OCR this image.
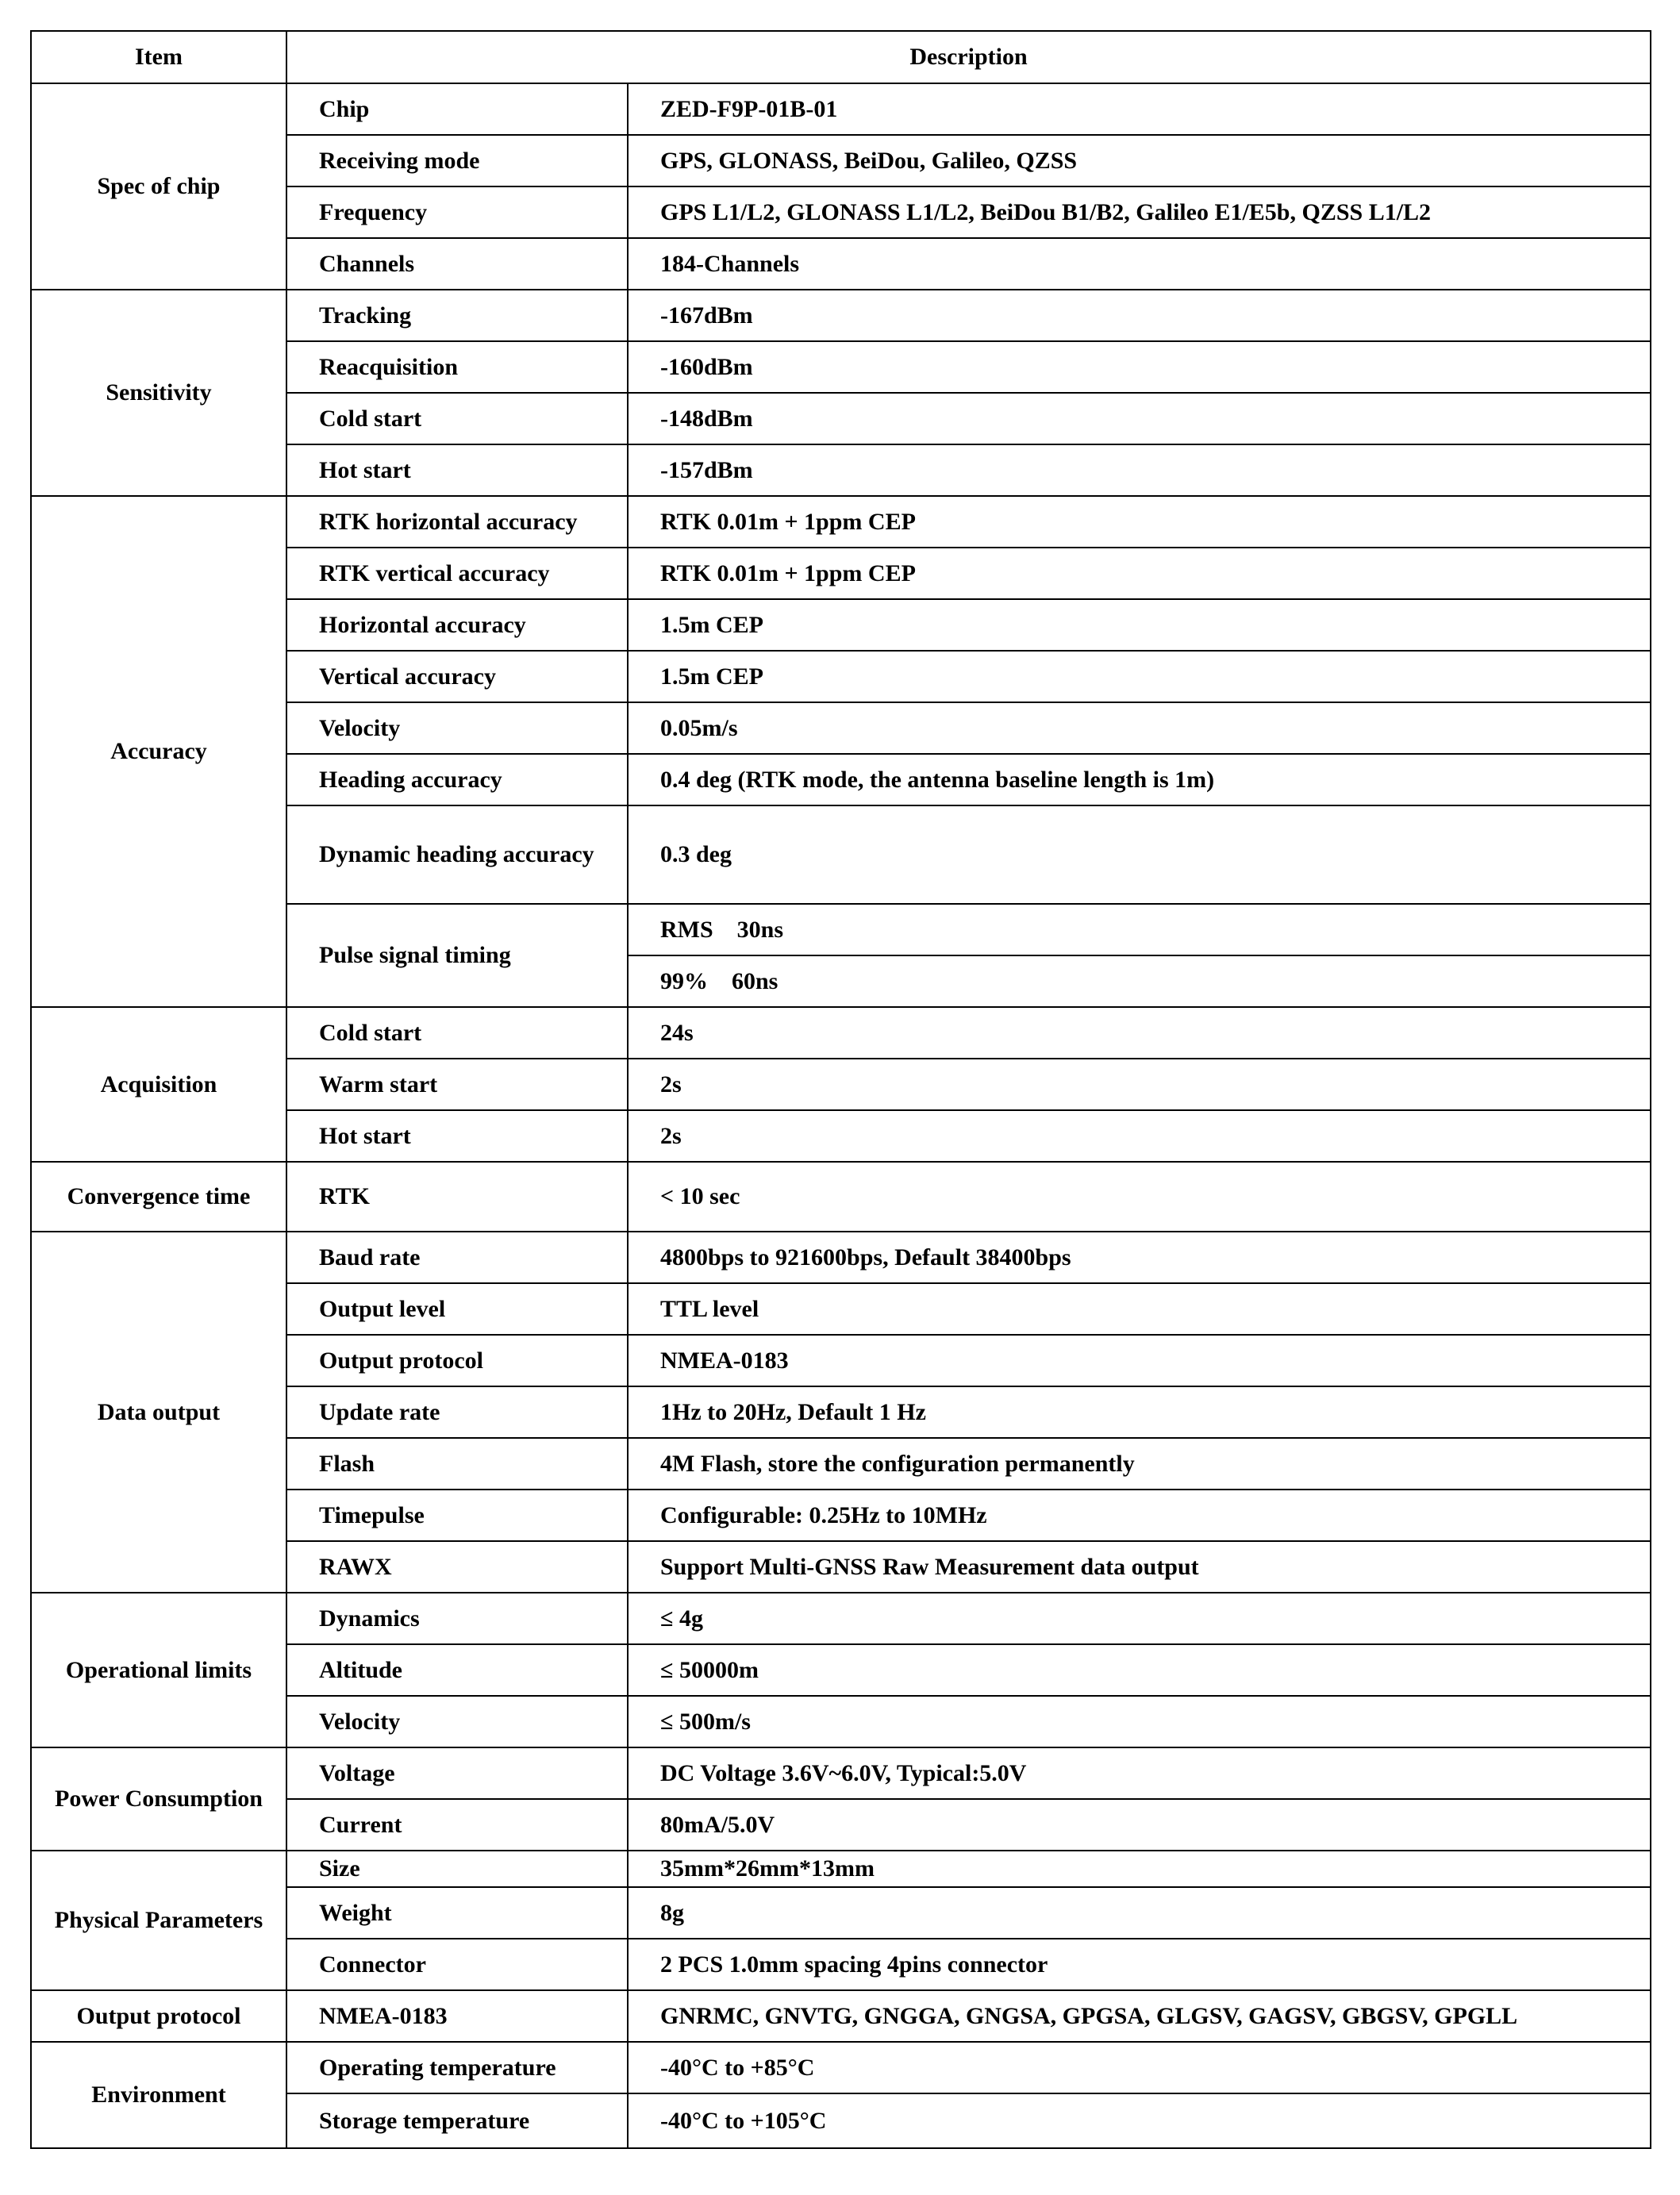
Item	Description	
Spec of chip	Chip	ZED-F9P-01B-01
	Receiving mode	GPS, GLONASS, BeiDou, Galileo, QZSS
	Frequency	GPS L1/L2, GLONASS L1/L2, BeiDou B1/B2, Galileo E1/E5b, QZSS L1/L2
	Channels	184-Channels
Sensitivity	Tracking	-167dBm
	Reacquisition	-160dBm
	Cold start	-148dBm
	Hot start	-157dBm
Accuracy	RTK horizontal accuracy	RTK 0.01m + 1ppm CEP
	RTK vertical accuracy	RTK 0.01m + 1ppm CEP
	Horizontal accuracy	1.5m CEP
	Vertical accuracy	1.5m CEP
	Velocity	0.05m/s
	Heading accuracy	0.4 deg (RTK mode, the antenna baseline length is 1m)
	Dynamic heading accuracy	0.3 deg
	Pulse signal timing	RMS    30ns
		99%    60ns
Acquisition	Cold start	24s
	Warm start	2s
	Hot start	2s
Convergence time	RTK	< 10 sec
Data output	Baud rate	4800bps to 921600bps, Default 38400bps
	Output level	TTL level
	Output protocol	NMEA-0183
	Update rate	1Hz to 20Hz, Default 1 Hz
	Flash	4M Flash, store the configuration permanently
	Timepulse	Configurable: 0.25Hz to 10MHz
	RAWX	Support Multi-GNSS Raw Measurement data output
Operational limits	Dynamics	≤ 4g
	Altitude	≤ 50000m
	Velocity	≤ 500m/s
Power Consumption	Voltage	DC Voltage 3.6V~6.0V, Typical:5.0V
	Current	80mA/5.0V
Physical Parameters	Size	35mm*26mm*13mm
	Weight	8g
	Connector	2 PCS 1.0mm spacing 4pins connector
Output protocol	NMEA-0183	GNRMC, GNVTG, GNGGA, GNGSA, GPGSA, GLGSV, GAGSV, GBGSV, GPGLL
Environment	Operating temperature	-40°C to +85°C
	Storage temperature	-40°C to +105°C
